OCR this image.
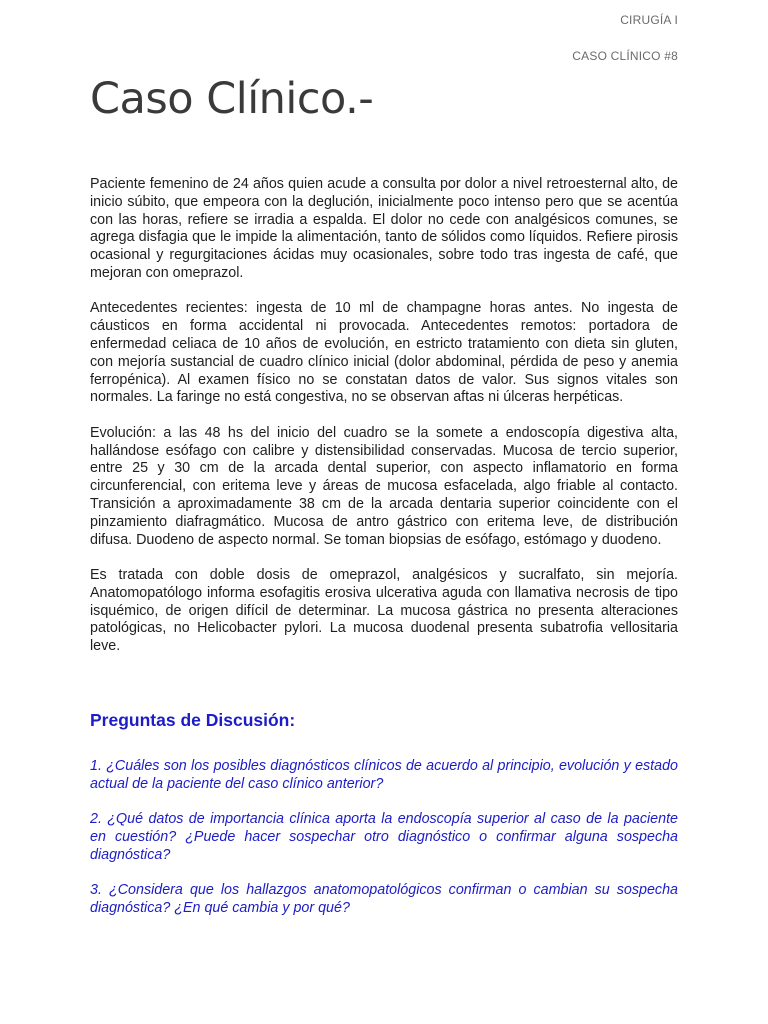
CIRUGÍA I
CASO CLÍNICO #8
Caso Clínico.-

Paciente femenino de 24 años quien acude a consulta por dolor a nivel retroesternal alto, de inicio súbito, que empeora con la deglución, inicialmente poco intenso pero que se acentúa con las horas, refiere se irradia a espalda. El dolor no cede con analgésicos comunes, se agrega disfagia que le impide la alimentación, tanto de sólidos como líquidos. Refiere pirosis ocasional y regurgitaciones ácidas muy ocasionales, sobre todo tras ingesta de café, que mejoran con omeprazol.

Antecedentes recientes: ingesta de 10 ml de champagne horas antes. No ingesta de cáusticos en forma accidental ni provocada. Antecedentes remotos: portadora de enfermedad celiaca de 10 años de evolución, en estricto tratamiento con dieta sin gluten, con mejoría sustancial de cuadro clínico inicial (dolor abdominal, pérdida de peso y anemia ferropénica). Al examen físico no se constatan datos de valor. Sus signos vitales son normales. La faringe no está congestiva, no se observan aftas ni úlceras herpéticas.

Evolución: a las 48 hs del inicio del cuadro se la somete a endoscopía digestiva alta, hallándose esófago con calibre y distensibilidad conservadas. Mucosa de tercio superior, entre 25 y 30 cm de la arcada dental superior, con aspecto inflamatorio en forma circunferencial, con eritema leve y áreas de mucosa esfacelada, algo friable al contacto. Transición a aproximadamente 38 cm de la arcada dentaria superior coincidente con el pinzamiento diafragmático. Mucosa de antro gástrico con eritema leve, de distribución difusa. Duodeno de aspecto normal. Se toman biopsias de esófago, estómago y duodeno.

Es tratada con doble dosis de omeprazol, analgésicos y sucralfato, sin mejoría. Anatomopatólogo informa esofagitis erosiva ulcerativa aguda con llamativa necrosis de tipo isquémico, de origen difícil de determinar. La mucosa gástrica no presenta alteraciones patológicas, no Helicobacter pylori. La mucosa duodenal presenta subatrofia vellositaria leve.

Preguntas de Discusión:

1. ¿Cuáles son los posibles diagnósticos clínicos de acuerdo al principio, evolución y estado actual de la paciente del caso clínico anterior?

2. ¿Qué datos de importancia clínica aporta la endoscopía superior al caso de la paciente en cuestión? ¿Puede hacer sospechar otro diagnóstico o confirmar alguna sospecha diagnóstica?

3. ¿Considera que los hallazgos anatomopatológicos confirman o cambian su sospecha diagnóstica? ¿En qué cambia y por qué?
